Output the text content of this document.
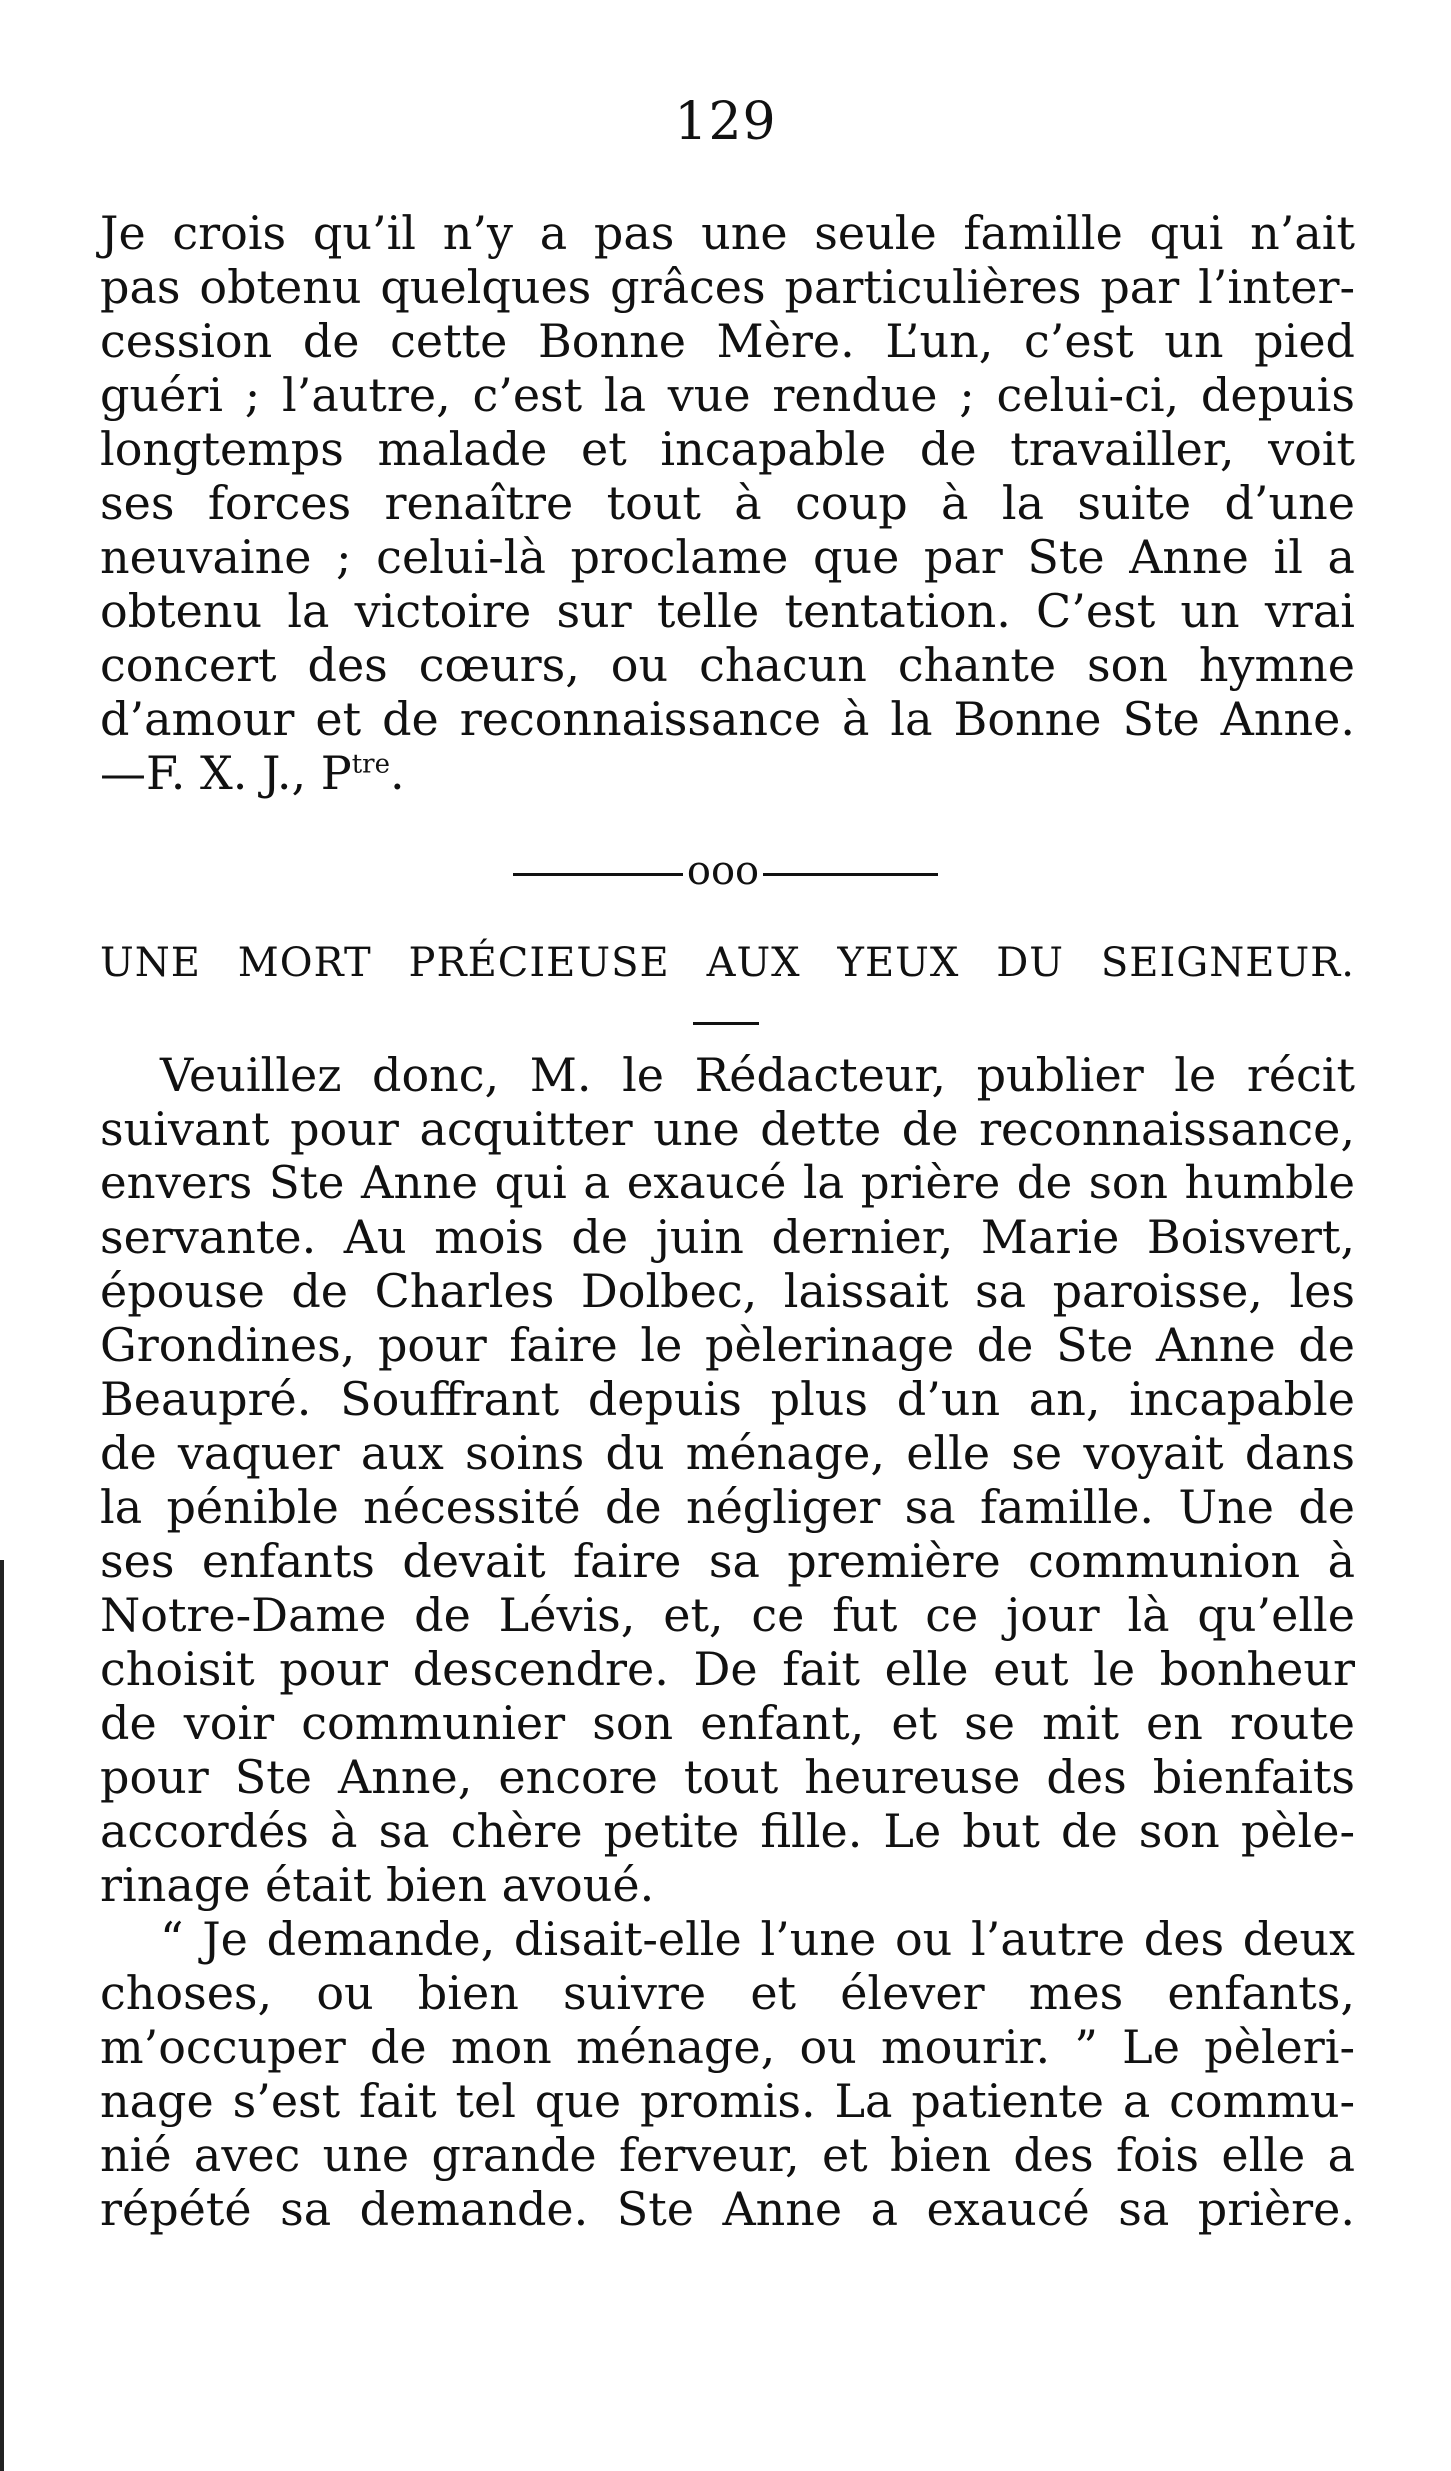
129
Je crois qu’il n’y a pas une seule famille qui n’ait
pas obtenu quelques grâces particulières par l’inter-
cession de cette Bonne Mère. L’un, c’est un pied
guéri ; l’autre, c’est la vue rendue ; celui-ci, depuis
longtemps malade et incapable de travailler, voit
ses forces renaître tout à coup à la suite d’une
neuvaine ; celui-là proclame que par Ste Anne il a
obtenu la victoire sur telle tentation. C’est un vrai
concert des cœurs, ou chacun chante son hymne
d’amour et de reconnaissance à la Bonne Ste Anne.
—F. X. J., $P^{tre}$.
ooo
UNE MORT PRÉCIEUSE AUX YEUX DU SEIGNEUR.
Veuillez donc, M. le Rédacteur, publier le récit
suivant pour acquitter une dette de reconnaissance,
envers Ste Anne qui a exaucé la prière de son humble
servante. Au mois de juin dernier, Marie Boisvert,
épouse de Charles Dolbec, laissait sa paroisse, les
Grondines, pour faire le pèlerinage de Ste Anne de
Beaupré. Souffrant depuis plus d’un an, incapable
de vaquer aux soins du ménage, elle se voyait dans
la pénible nécessité de négliger sa famille. Une de
ses enfants devait faire sa première communion à
Notre-Dame de Lévis, et, ce fut ce jour là qu’elle
choisit pour descendre. De fait elle eut le bonheur
de voir communier son enfant, et se mit en route
pour Ste Anne, encore tout heureuse des bienfaits
accordés à sa chère petite fille. Le but de son pèle-
rinage était bien avoué.
“ Je demande, disait-elle l’une ou l’autre des deux
choses, ou bien suivre et élever mes enfants,
m’occuper de mon ménage, ou mourir. ” Le pèleri-
nage s’est fait tel que promis. La patiente a commu-
nié avec une grande ferveur, et bien des fois elle a
répété sa demande. Ste Anne a exaucé sa prière.
